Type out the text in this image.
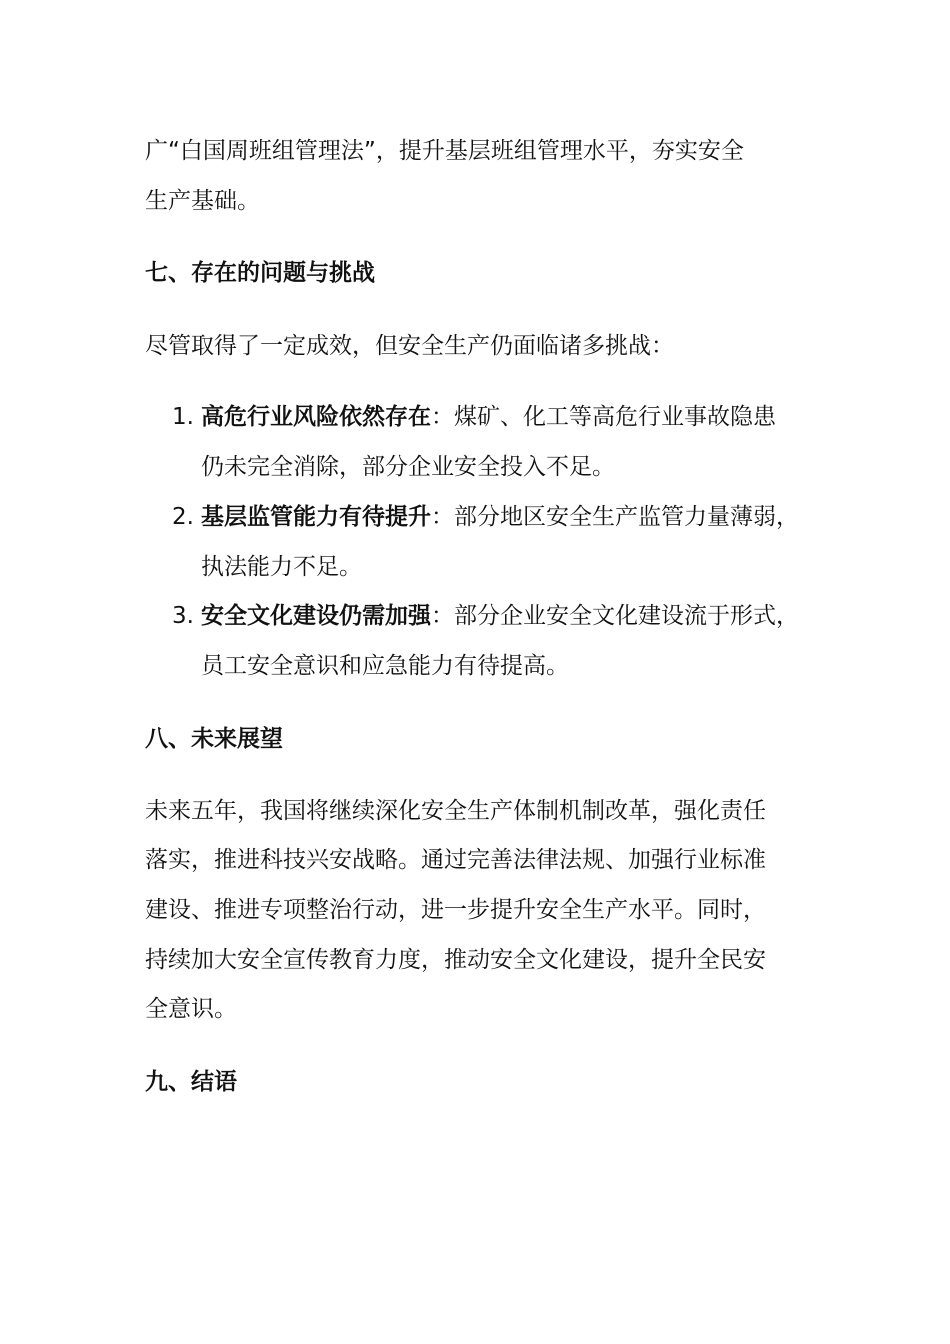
广“白国周班组管理法”，提升基层班组管理水平，夯实安全
生产基础。
七、存在的问题与挑战
尽管取得了一定成效，但安全生产仍面临诸多挑战：
1. 高危行业风险依然存在：煤矿、化工等高危行业事故隐患
仍未完全消除，部分企业安全投入不足。
2. 基层监管能力有待提升：部分地区安全生产监管力量薄弱，
执法能力不足。
3. 安全文化建设仍需加强：部分企业安全文化建设流于形式，
员工安全意识和应急能力有待提高。
八、未来展望
未来五年，我国将继续深化安全生产体制机制改革，强化责任
落实，推进科技兴安战略。通过完善法律法规、加强行业标准
建设、推进专项整治行动，进一步提升安全生产水平。同时，
持续加大安全宣传教育力度，推动安全文化建设，提升全民安
全意识。
九、结语
